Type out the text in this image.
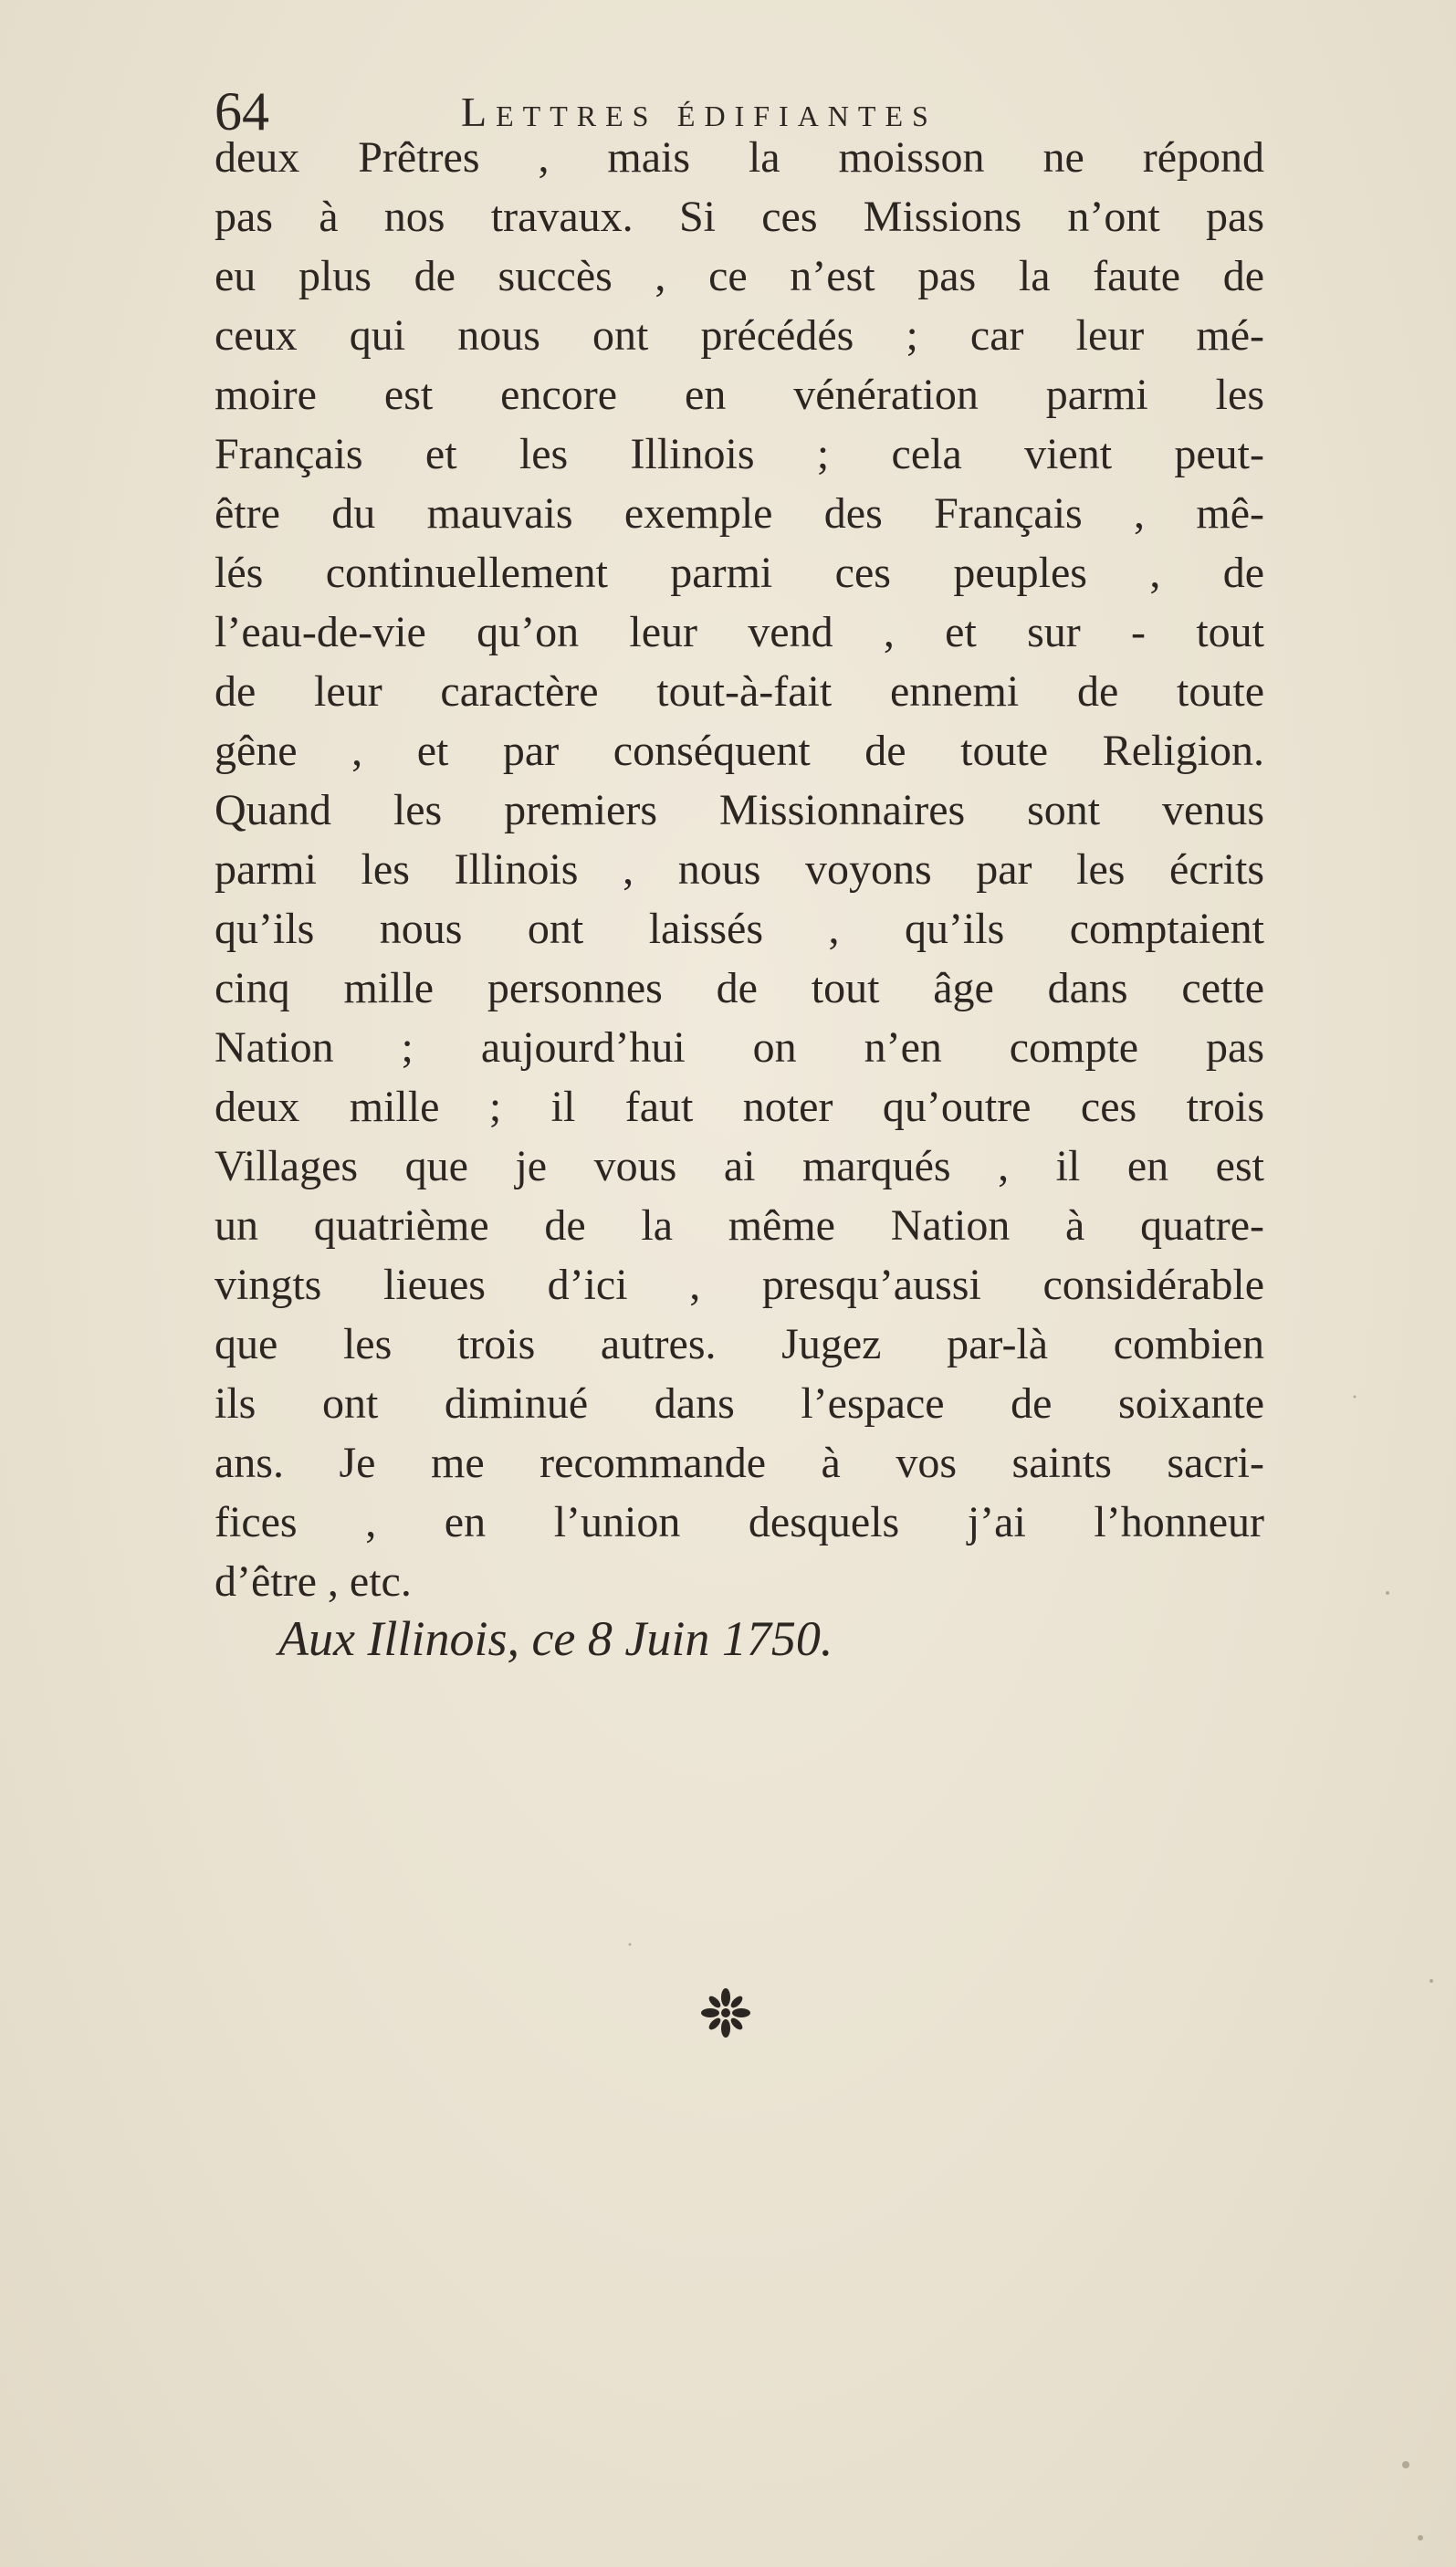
64	Lettres édifiantes
deux Prêtres , mais la moisson ne répond
pas à nos travaux. Si ces Missions n’ont pas
eu plus de succès , ce n’est pas la faute de
ceux qui nous ont précédés ; car leur mé-
moire est encore en vénération parmi les
Français et les Illinois ; cela vient peut-
être du mauvais exemple des Français , mê-
lés continuellement parmi ces peuples , de
l’eau-de-vie qu’on leur vend , et sur - tout
de leur caractère tout-à-fait ennemi de toute
gêne , et par conséquent de toute Religion.
Quand les premiers Missionnaires sont venus
parmi les Illinois , nous voyons par les écrits
qu’ils nous ont laissés , qu’ils comptaient
cinq mille personnes de tout âge dans cette
Nation ; aujourd’hui on n’en compte pas
deux mille ; il faut noter qu’outre ces trois
Villages que je vous ai marqués , il en est
un quatrième de la même Nation à quatre-
vingts lieues d’ici , presqu’aussi considérable
que les trois autres. Jugez par-là combien
ils ont diminué dans l’espace de soixante
ans. Je me recommande à vos saints sacri-
fices , en l’union desquels j’ai l’honneur
d’être , etc.
Aux Illinois, ce 8 Juin 1750.
